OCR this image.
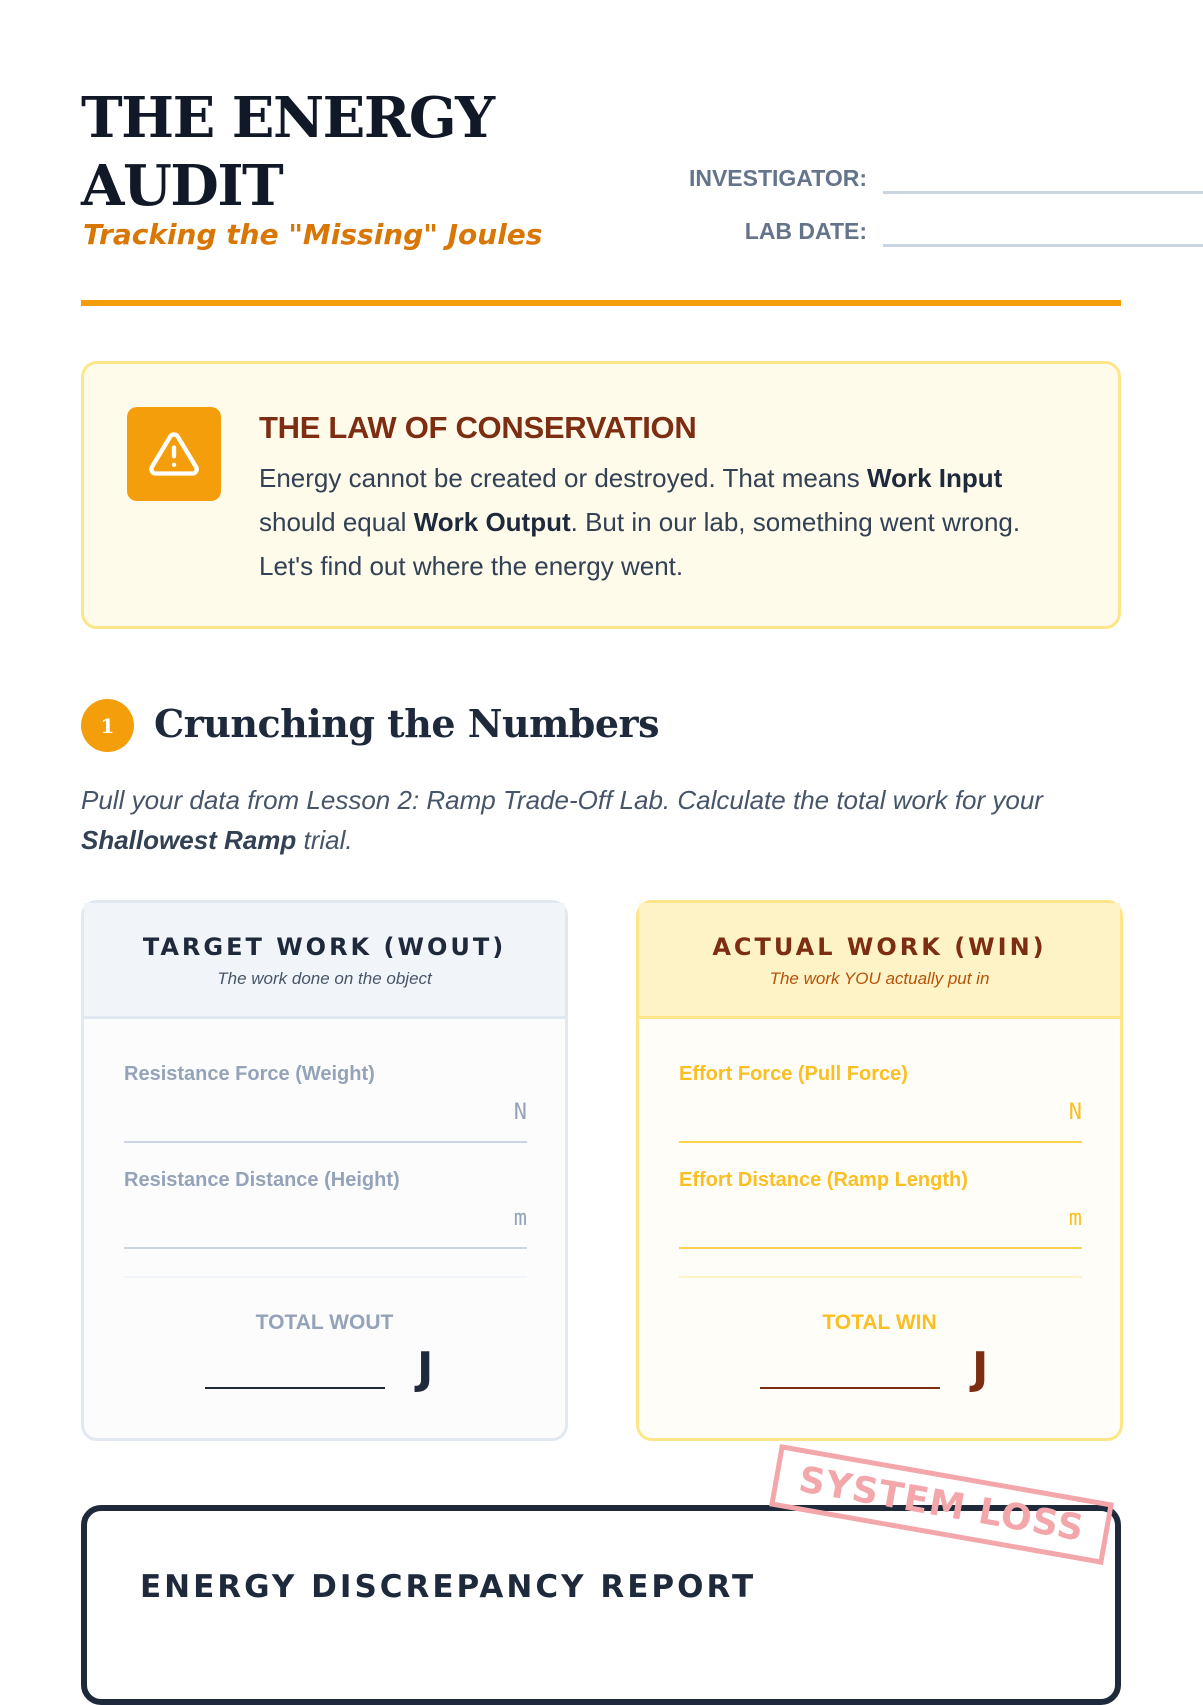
THE ENERGY
AUDIT
Tracking the "Missing" Joules
INVESTIGATOR:
LAB DATE:
THE LAW OF CONSERVATION
Energy cannot be created or destroyed. That means Work Input should equal Work Output. But in our lab, something went wrong. Let's find out where the energy went.
1	Crunching the Numbers
Pull your data from Lesson 2: Ramp Trade-Off Lab. Calculate the total work for your Shallowest Ramp trial.
TARGET WORK (WOUT)
The work done on the object
Resistance Force (Weight)
N
Resistance Distance (Height)
m
TOTAL WOUT
J
ACTUAL WORK (WIN)
The work YOU actually put in
Effort Force (Pull Force)
N
Effort Distance (Ramp Length)
m
TOTAL WIN
J
ENERGY DISCREPANCY REPORT
SYSTEM LOSS
